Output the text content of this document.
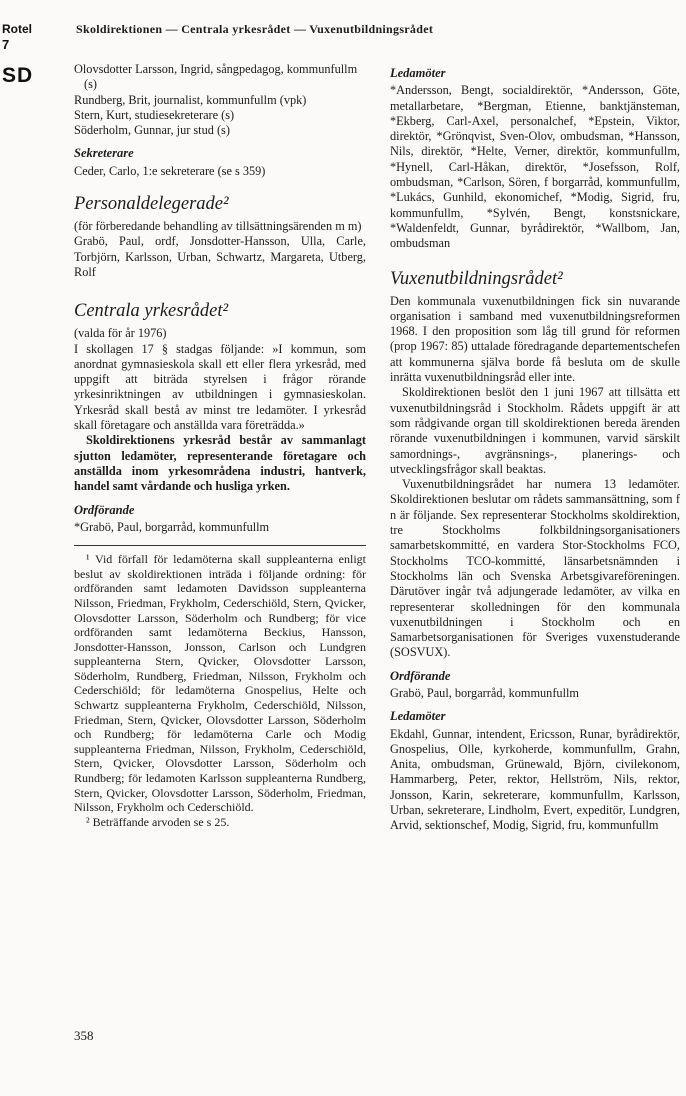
Rotel
7
SD
Skoldirektionen — Centrala yrkesrådet — Vuxenutbildningsrådet

Olovsdotter Larsson, Ingrid, sångpedagog, kommunfullm (s)

Rundberg, Brit, journalist, kommunfullm (vpk)

Stern, Kurt, studiesekreterare (s)

Söderholm, Gunnar, jur stud (s)

Sekreterare

Ceder, Carlo, 1:e sekreterare (se s 359)

Personaldelegerade²

(för förberedande behandling av tillsättningsärenden m m)

Grabö, Paul, ordf, Jonsdotter-Hansson, Ulla, Carle, Torbjörn, Karlsson, Urban, Schwartz, Margareta, Utberg, Rolf

Centrala yrkesrådet²

(valda för år 1976)

I skollagen 17 § stadgas följande: »I kommun, som anordnat gymnasieskola skall ett eller flera yrkesråd, med uppgift att biträda styrelsen i frågor rörande yrkesinriktningen av utbildningen i gymnasieskolan. Yrkesråd skall bestå av minst tre ledamöter. I yrkesråd skall företagare och anställda vara företrädda.»

Skoldirektionens yrkesråd består av sammanlagt sjutton ledamöter, representerande företagare och anställda inom yrkesområdena industri, hantverk, handel samt vårdande och husliga yrken.

Ordförande

*Grabö, Paul, borgarråd, kommunfullm

¹ Vid förfall för ledamöterna skall suppleanterna enligt beslut av skoldirektionen inträda i följande ordning: för ordföranden samt ledamoten Davidsson suppleanterna Nilsson, Friedman, Frykholm, Cederschiöld, Stern, Qvicker, Olovsdotter Larsson, Söderholm och Rundberg; för vice ordföranden samt ledamöterna Beckius, Hansson, Jonsdotter-Hansson, Jonsson, Carlson och Lundgren suppleanterna Stern, Qvicker, Olovsdotter Larsson, Söderholm, Rundberg, Friedman, Nilsson, Frykholm och Cederschiöld; för ledamöterna Gnospelius, Helte och Schwartz suppleanterna Frykholm, Cederschiöld, Nilsson, Friedman, Stern, Qvicker, Olovsdotter Larsson, Söderholm och Rundberg; för ledamöterna Carle och Modig suppleanterna Friedman, Nilsson, Frykholm, Cederschiöld, Stern, Qvicker, Olovsdotter Larsson, Söderholm och Rundberg; för ledamoten Karlsson suppleanterna Rundberg, Stern, Qvicker, Olovsdotter Larsson, Söderholm, Friedman, Nilsson, Frykholm och Cederschiöld.

² Beträffande arvoden se s 25.

Ledamöter

*Andersson, Bengt, socialdirektör, *Andersson, Göte, metallarbetare, *Bergman, Etienne, banktjänsteman, *Ekberg, Carl-Axel, personalchef, *Epstein, Viktor, direktör, *Grönqvist, Sven-Olov, ombudsman, *Hansson, Nils, direktör, *Helte, Verner, direktör, kommunfullm, *Hynell, Carl-Håkan, direktör, *Josefsson, Rolf, ombudsman, *Carlson, Sören, f borgarråd, kommunfullm, *Lukács, Gunhild, ekonomichef, *Modig, Sigrid, fru, kommunfullm, *Sylvén, Bengt, konstsnickare, *Waldenfeldt, Gunnar, byrådirektör, *Wallbom, Jan, ombudsman

Vuxenutbildningsrådet²

Den kommunala vuxenutbildningen fick sin nuvarande organisation i samband med vuxenutbildningsreformen 1968. I den proposition som låg till grund för reformen (prop 1967: 85) uttalade föredragande departementschefen att kommunerna själva borde få besluta om de skulle inrätta vuxenutbildningsråd eller inte.

Skoldirektionen beslöt den 1 juni 1967 att tillsätta ett vuxenutbildningsråd i Stockholm. Rådets uppgift är att som rådgivande organ till skoldirektionen bereda ärenden rörande vuxenutbildningen i kommunen, varvid särskilt samordnings-, avgränsnings-, planerings- och utvecklingsfrågor skall beaktas.

Vuxenutbildningsrådet har numera 13 ledamöter. Skoldirektionen beslutar om rådets sammansättning, som f n är följande. Sex representerar Stockholms skoldirektion, tre Stockholms folkbildningsorganisationers samarbetskommitté, en vardera Stor-Stockholms FCO, Stockholms TCO-kommitté, länsarbetsnämnden i Stockholms län och Svenska Arbetsgivareföreningen. Därutöver ingår två adjungerade ledamöter, av vilka en representerar skolledningen för den kommunala vuxenutbildningen i Stockholm och en Samarbetsorganisationen för Sveriges vuxenstuderande (SOSVUX).

Ordförande

Grabö, Paul, borgarråd, kommunfullm

Ledamöter

Ekdahl, Gunnar, intendent, Ericsson, Runar, byrådirektör, Gnospelius, Olle, kyrkoherde, kommunfullm, Grahn, Anita, ombudsman, Grünewald, Björn, civilekonom, Hammarberg, Peter, rektor, Hellström, Nils, rektor, Jonsson, Karin, sekreterare, kommunfullm, Karlsson, Urban, sekreterare, Lindholm, Evert, expeditör, Lundgren, Arvid, sektionschef, Modig, Sigrid, fru, kommunfullm

358
